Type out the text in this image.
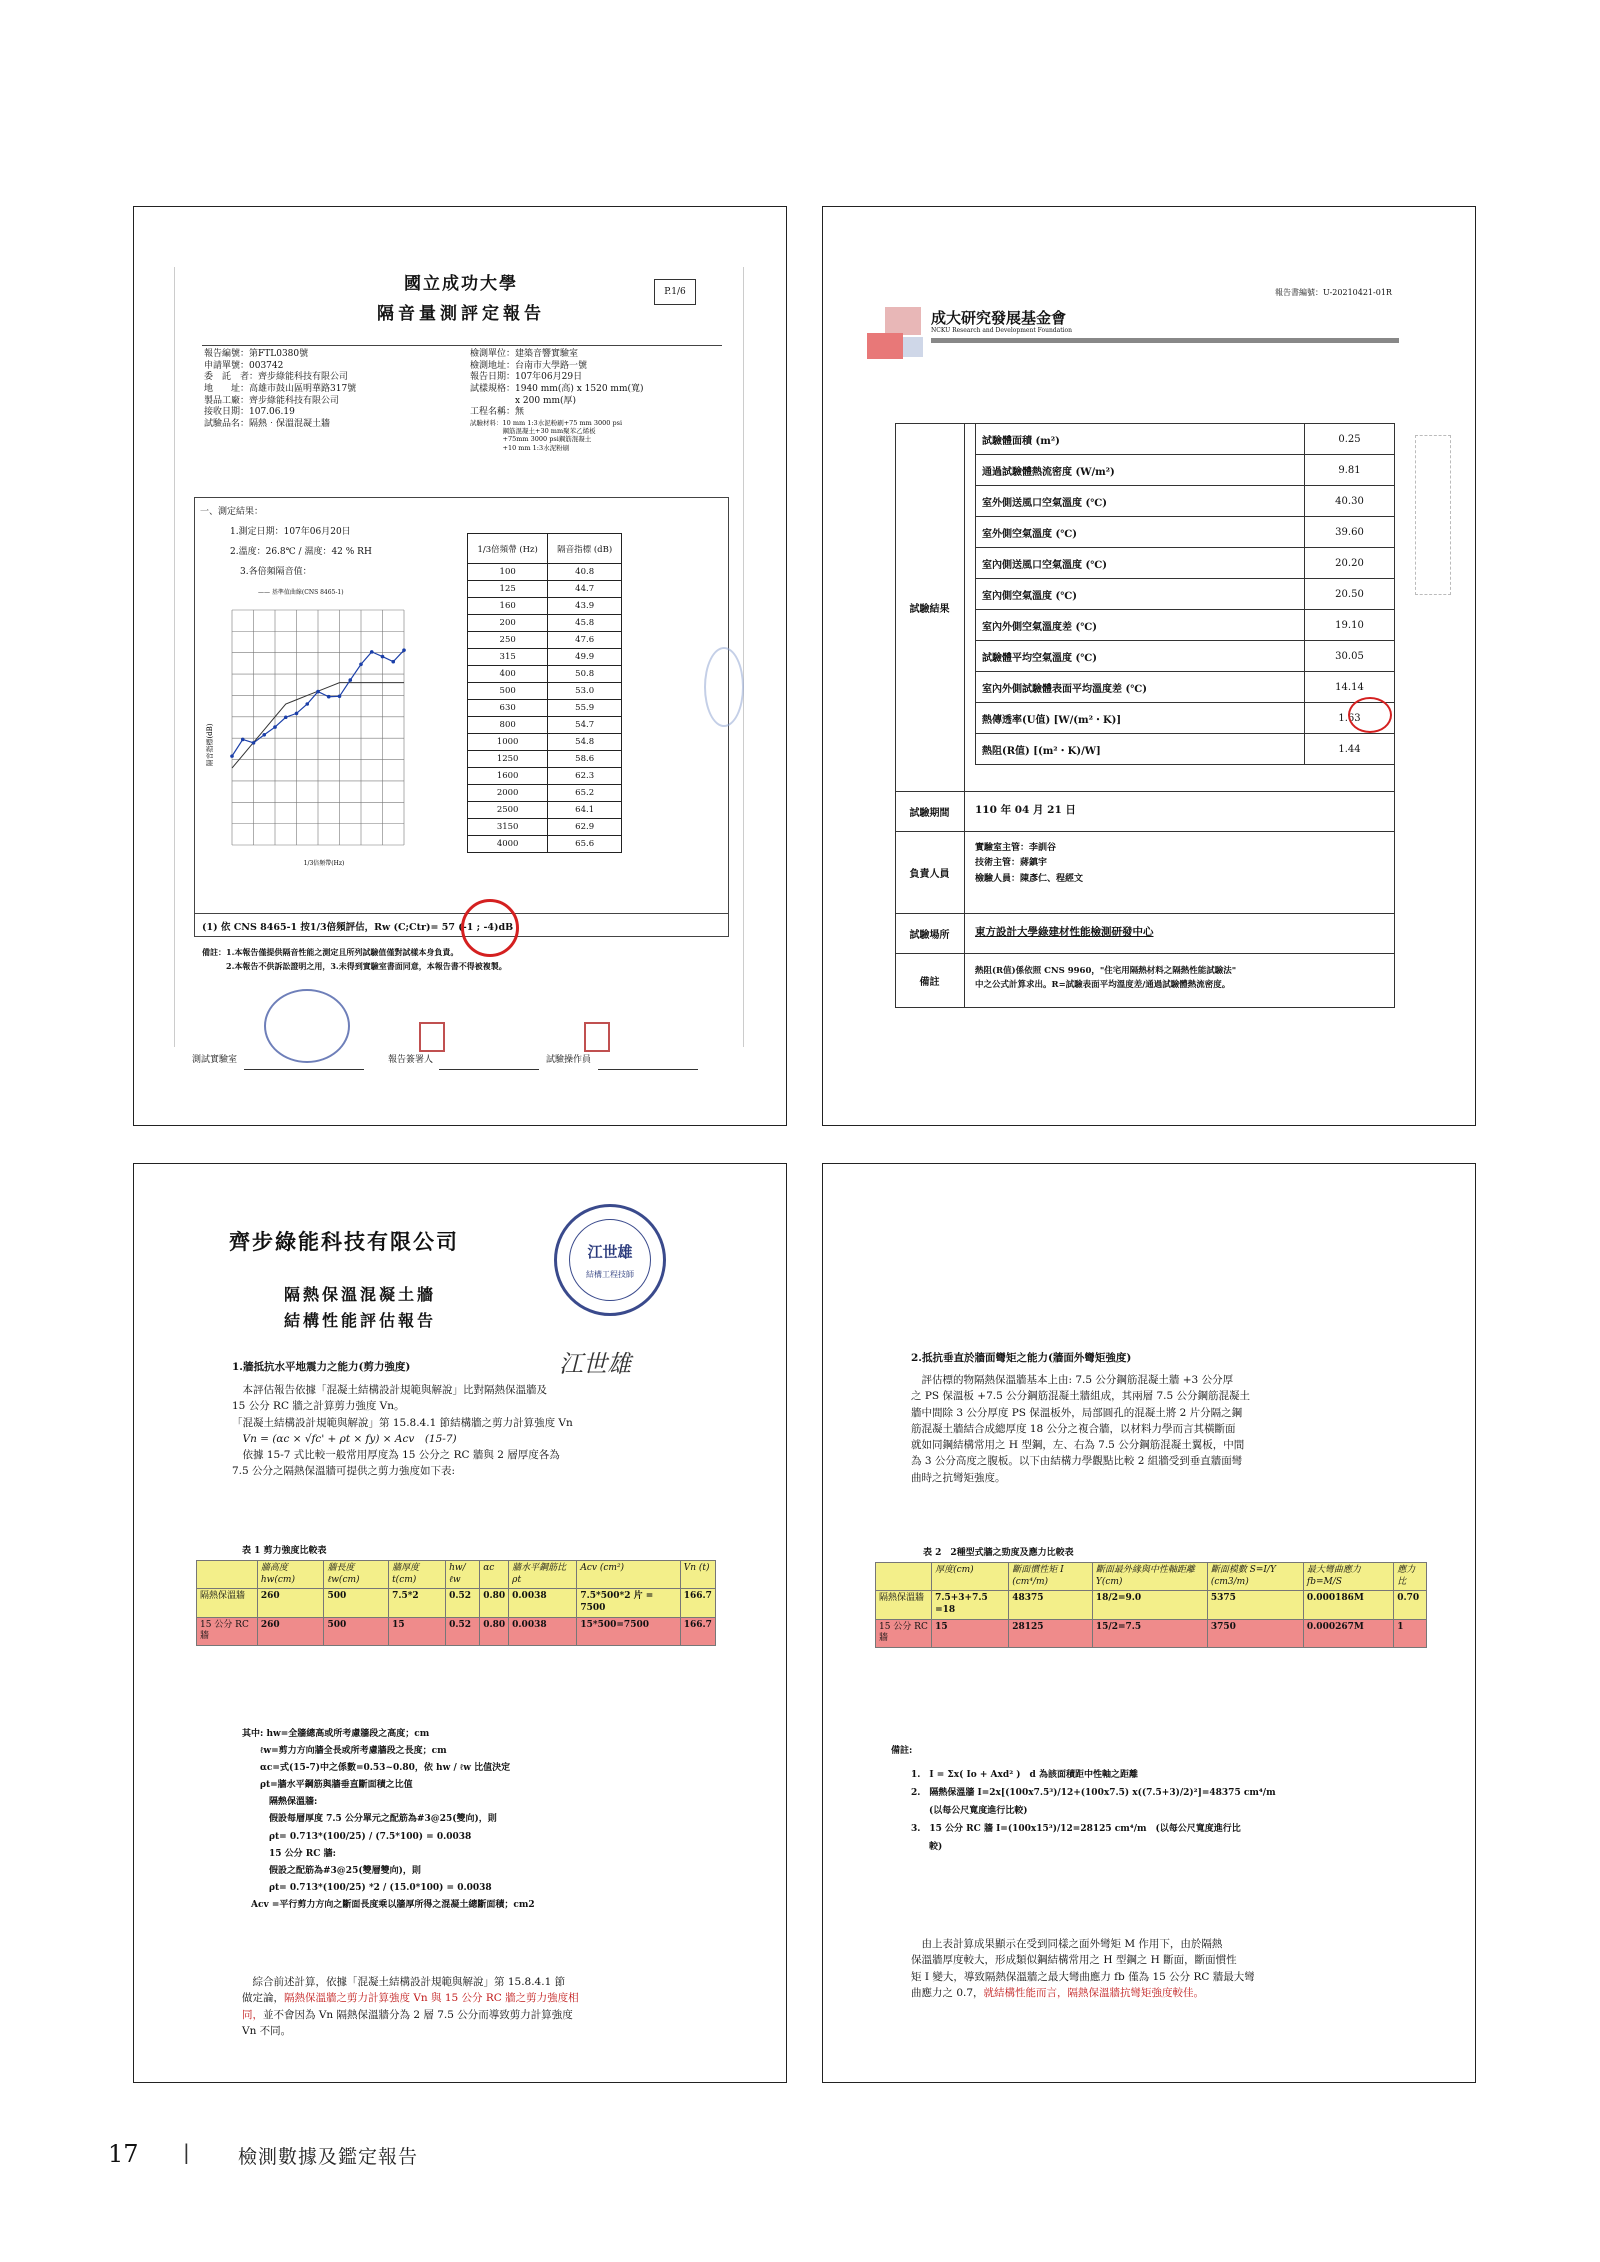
國立成功大學
隔音量測評定報告
P.1/6
報告編號：第FTL0380號
申請單號：003742
委　託　者：齊步綠能科技有限公司
地　　址：高雄市鼓山區明華路317號
製品工廠：齊步綠能科技有限公司
接收日期：107.06.19
試驗品名：隔熱‧保溫混凝土牆
檢測單位：建築音響實驗室
檢測地址：台南市大學路一號
報告日期：107年06月29日
試樣規格：1940 mm(高) x 1520 mm(寬)
　　　　　x 200 mm(厚)
工程名稱：無
試驗材料：10 mm 1:3水泥粉刷+75 mm 3000 psi
　　　　　鋼筋混凝土+30 mm聚苯乙烯板
　　　　　+75mm 3000 psi鋼筋混凝土
　　　　　+10 mm 1:3水泥粉刷
一、測定結果：
1.測定日期：107年06月20日
2.溫度：26.8℃ / 濕度：42 % RH
3.各倍頻隔音值：
—— 基準值曲線(CNS 8465-1)
隔音指標(dB)
1/3倍頻帶(Hz)
1/3倍頻帶 (Hz)	隔音指標 (dB)
100	40.8
125	44.7
160	43.9
200	45.8
250	47.6
315	49.9
400	50.8
500	53.0
630	55.9
800	54.7
1000	54.8
1250	58.6
1600	62.3
2000	65.2
2500	64.1
3150	62.9
4000	65.6
(1) 依 CNS 8465-1 按1/3倍頻評估，Rw (C;Ctr)= 57 (-1 ; -4)dB
備註：1.本報告僅提供隔音性能之測定且所列試驗值僅對試樣本身負責。
　　　2.本報告不供訴訟證明之用，3.未得到實驗室書面同意，本報告書不得被複製。
測試實驗室	報告簽署人	試驗操作員
報告書編號：U-20210421-01R
成大研究發展基金會
NCKU Research and Development Foundation
試驗結果
試驗體面積 (m²)	0.25
通過試驗體熱流密度 (W/m²)	9.81
室外側送風口空氣溫度 (℃)	40.30
室外側空氣溫度 (℃)	39.60
室內側送風口空氣溫度 (℃)	20.20
室內側空氣溫度 (℃)	20.50
室內外側空氣溫度差 (℃)	19.10
試驗體平均空氣溫度 (℃)	30.05
室內外側試驗體表面平均溫度差 (℃)	14.14
熱傳透率(U值) [W/(m²・K)]	1.63
熱阻(R值) [(m²・K)/W]	1.44
試驗期間	110 年 04 月 21 日
負責人員
實驗室主管：李訓谷
技術主管：蔣鎮宇
檢驗人員：陳彥仁、程經文
試驗場所	東方設計大學綠建材性能檢測研發中心
備註
熱阻(R值)係依照 CNS 9960，"住宅用隔熱材料之隔熱性能試驗法"
中之公式計算求出。R=試驗表面平均溫度差/通過試驗體熱流密度。
齊步綠能科技有限公司
隔熱保溫混凝土牆
結構性能評估報告
江世雄
結構工程技師
江世雄
1.牆抵抗水平地震力之能力(剪力強度)
　本評估報告依據「混凝土結構設計規範與解說」比對隔熱保溫牆及
15 公分 RC 牆之計算剪力強度 Vn。
「混凝土結構設計規範與解說」第 15.8.4.1 節結構牆之剪力計算強度 Vn
　Vn = (αc × √fc' + ρt × fy) × Acv　(15-7)
　依據 15-7 式比較一般常用厚度為 15 公分之 RC 牆與 2 層厚度各為
7.5 公分之隔熱保溫牆可提供之剪力強度如下表:
表 1 剪力強度比較表
	牆高度 hw(cm)	牆長度 ℓw(cm)	牆厚度 t(cm)	hw/ℓw	αc	牆水平鋼筋比 ρt	Acv (cm²)	Vn (t)
隔熱保溫牆	260	500	7.5*2	0.52	0.80	0.0038	7.5*500*2 片 = 7500	166.7
15 公分 RC 牆	260	500	15	0.52	0.80	0.0038	15*500=7500	166.7
其中: hw=全牆總高或所考慮牆段之高度；cm
　　ℓw=剪力方向牆全長或所考慮牆段之長度；cm
　　αc=式(15-7)中之係數=0.53~0.80，依 hw / ℓw 比值決定
　　ρt=牆水平鋼筋與牆垂直斷面積之比值
　　　隔熱保溫牆:
　　　假設每層厚度 7.5 公分單元之配筋為#3@25(雙向)，則
　　　ρt= 0.713*(100/25) / (7.5*100) = 0.0038
　　　15 公分 RC 牆:
　　　假設之配筋為#3@25(雙層雙向)，則
　　　ρt= 0.713*(100/25) *2 / (15.0*100) = 0.0038
　Acv =平行剪力方向之斷面長度乘以牆厚所得之混凝土總斷面積；cm2
　綜合前述計算，依據「混凝土結構設計規範與解說」第 15.8.4.1 節
做定論，隔熱保溫牆之剪力計算強度 Vn 與 15 公分 RC 牆之剪力強度相
同，並不會因為 Vn 隔熱保溫牆分為 2 層 7.5 公分而導致剪力計算強度
Vn 不同。
2.抵抗垂直於牆面彎矩之能力(牆面外彎矩強度)
　評估標的物隔熱保溫牆基本上由: 7.5 公分鋼筋混凝土牆 +3 公分厚
之 PS 保溫板 +7.5 公分鋼筋混凝土牆組成，其兩層 7.5 公分鋼筋混凝土
牆中間除 3 公分厚度 PS 保溫板外，局部圓孔的混凝土將 2 片分隔之鋼
筋混凝土牆結合成總厚度 18 公分之複合牆，以材料力學而言其橫斷面
就如同鋼結構常用之 H 型鋼，左、右為 7.5 公分鋼筋混凝土翼板，中間
為 3 公分高度之腹板。以下由結構力學觀點比較 2 組牆受到垂直牆面彎
曲時之抗彎矩強度。
表 2　2種型式牆之勁度及應力比較表
	厚度(cm)	斷面慣性矩 I (cm⁴/m)	斷面最外緣與中性軸距離 Y(cm)	斷面模數 S=I/Y (cm3/m)	最大彎曲應力 fb=M/S	應力比
隔熱保溫牆	7.5+3+7.5 =18	48375	18/2=9.0	5375	0.000186M	0.70
15 公分 RC 牆	15	28125	15/2=7.5	3750	0.000267M	1
備註:
1.　I = Σx( Io + Axd² )　d 為該面積距中性軸之距離
2.　隔熱保溫牆 I=2x[(100x7.5³)/12+(100x7.5) x((7.5+3)/2)²]=48375 cm⁴/m
　　(以每公尺寬度進行比較)
3.　15 公分 RC 牆 I=(100x15³)/12=28125 cm⁴/m　(以每公尺寬度進行比
　　較)
　由上表計算成果顯示在受到同樣之面外彎矩 M 作用下，由於隔熱
保溫牆厚度較大，形成類似鋼結構常用之 H 型鋼之 H 斷面，斷面慣性
矩 I 變大，導致隔熱保溫牆之最大彎曲應力 fb 僅為 15 公分 RC 牆最大彎
曲應力之 0.7，就結構性能而言，隔熱保溫牆抗彎矩強度較佳。
17 |	檢測數據及鑑定報告
